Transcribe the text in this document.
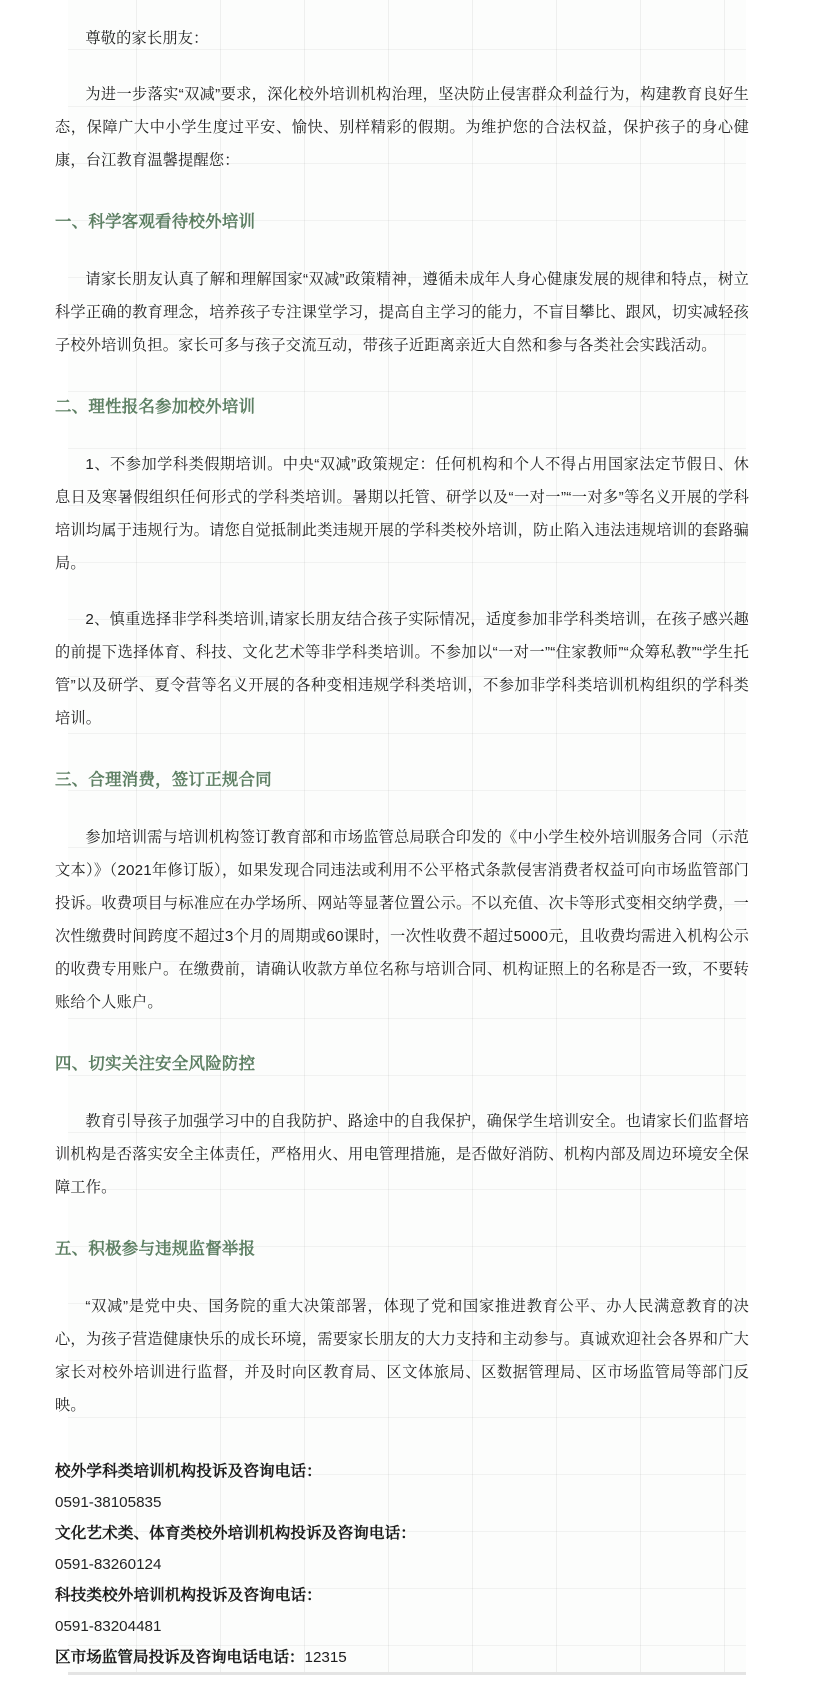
尊敬的家长朋友：

为进一步落实“双减”要求，深化校外培训机构治理，坚决防止侵害群众利益行为，构建教育良好生态，保障广大中小学生度过平安、愉快、别样精彩的假期。为维护您的合法权益，保护孩子的身心健康，台江教育温馨提醒您：

一、科学客观看待校外培训

请家长朋友认真了解和理解国家“双减”政策精神，遵循未成年人身心健康发展的规律和特点，树立科学正确的教育理念，培养孩子专注课堂学习，提高自主学习的能力，不盲目攀比、跟风，切实减轻孩子校外培训负担。家长可多与孩子交流互动，带孩子近距离亲近大自然和参与各类社会实践活动。

二、理性报名参加校外培训

1、不参加学科类假期培训。中央“双减”政策规定：任何机构和个人不得占用国家法定节假日、休息日及寒暑假组织任何形式的学科类培训。暑期以托管、研学以及“一对一”“一对多”等名义开展的学科培训均属于违规行为。请您自觉抵制此类违规开展的学科类校外培训，防止陷入违法违规培训的套路骗局。

2、慎重选择非学科类培训,请家长朋友结合孩子实际情况，适度参加非学科类培训，在孩子感兴趣的前提下选择体育、科技、文化艺术等非学科类培训。不参加以“一对一”“住家教师”“众筹私教”“学生托管”以及研学、夏令营等名义开展的各种变相违规学科类培训，不参加非学科类培训机构组织的学科类培训。

三、合理消费，签订正规合同

参加培训需与培训机构签订教育部和市场监管总局联合印发的《中小学生校外培训服务合同（示范文本）》（2021年修订版），如果发现合同违法或利用不公平格式条款侵害消费者权益可向市场监管部门投诉。收费项目与标准应在办学场所、网站等显著位置公示。不以充值、次卡等形式变相交纳学费，一次性缴费时间跨度不超过3个月的周期或60课时，一次性收费不超过5000元，且收费均需进入机构公示的收费专用账户。在缴费前，请确认收款方单位名称与培训合同、机构证照上的名称是否一致，不要转账给个人账户。

四、切实关注安全风险防控

教育引导孩子加强学习中的自我防护、路途中的自我保护，确保学生培训安全。也请家长们监督培训机构是否落实安全主体责任，严格用火、用电管理措施，是否做好消防、机构内部及周边环境安全保障工作。

五、积极参与违规监督举报

“双减”是党中央、国务院的重大决策部署，体现了党和国家推进教育公平、办人民满意教育的决心，为孩子营造健康快乐的成长环境，需要家长朋友的大力支持和主动参与。真诚欢迎社会各界和广大家长对校外培训进行监督，并及时向区教育局、区文体旅局、区数据管理局、区市场监管局等部门反映。

校外学科类培训机构投诉及咨询电话：
0591-38105835
文化艺术类、体育类校外培训机构投诉及咨询电话：
0591-83260124
科技类校外培训机构投诉及咨询电话：
0591-83204481
区市场监管局投诉及咨询电话电话：12315
